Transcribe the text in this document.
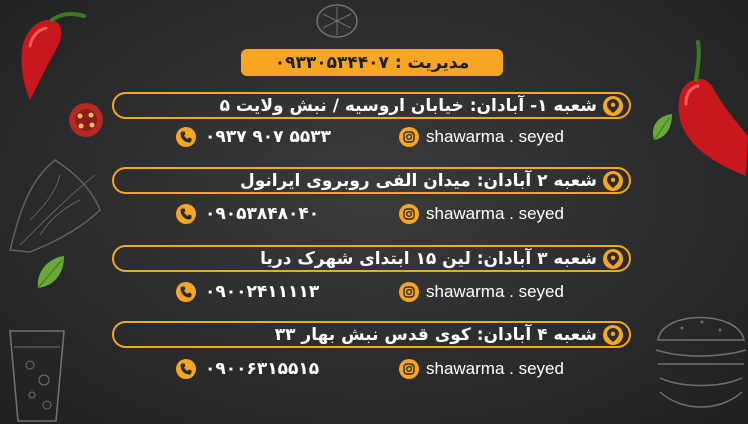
مدیریت : ۰۹۳۳۰۵۳۴۴۰۷
شعبه ۱- آبادان: خیابان اروسیه / نبش ولایت ۵
۰۹۳۷ ۹۰۷ ۵۵۳۳	shawarma . seyed
شعبه ۲ آبادان: میدان الفی روبروی ایرانول
۰۹۰۵۳۸۴۸۰۴۰	shawarma . seyed
شعبه ۳ آبادان: لین ۱۵ ابتدای شهرک دریا
۰۹۰۰۲۴۱۱۱۱۳	shawarma . seyed
شعبه ۴ آبادان: کوی قدس نبش بهار ۳۳
۰۹۰۰۶۳۱۵۵۱۵	shawarma . seyed
